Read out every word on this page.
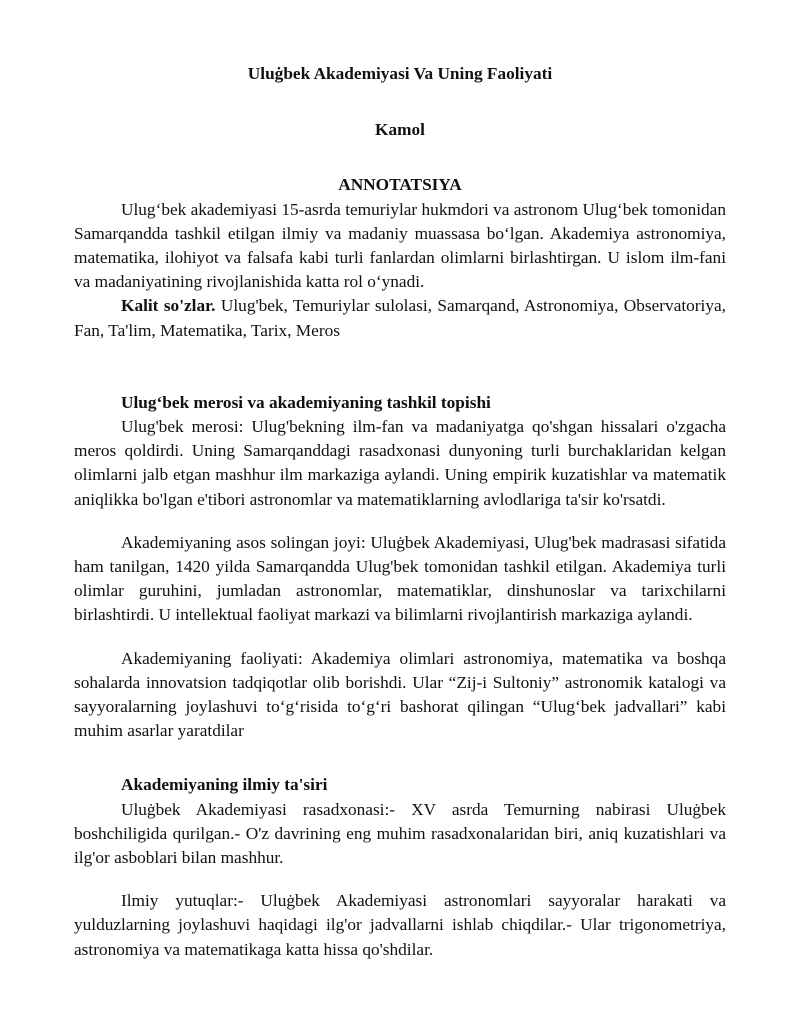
Uluġbek Akademiyasi Va Uning Faoliyati
Kamol
ANNOTATSIYA

Ulug‘bek akademiyasi 15-asrda temuriylar hukmdori va astronom Ulug‘bek tomonidan Samarqandda tashkil etilgan ilmiy va madaniy muassasa bo‘lgan. Akademiya astronomiya, matematika, ilohiyot va falsafa kabi turli fanlardan olimlarni birlashtirgan. U islom ilm-fani va madaniyatining rivojlanishida katta rol o‘ynadi.

Kalit so'zlar. Ulug'bek, Temuriylar sulolasi, Samarqand, Astronomiya, Observatoriya, Fan, Ta'lim, Matematika, Tarix, Meros

Ulug‘bek merosi va akademiyaning tashkil topishi

Ulug'bek merosi: Ulug'bekning ilm-fan va madaniyatga qo'shgan hissalari o'zgacha meros qoldirdi. Uning Samarqanddagi rasadxonasi dunyoning turli burchaklaridan kelgan olimlarni jalb etgan mashhur ilm markaziga aylandi. Uning empirik kuzatishlar va matematik aniqlikka bo'lgan e'tibori astronomlar va matematiklarning avlodlariga ta'sir ko'rsatdi.

Akademiyaning asos solingan joyi: Uluġbek Akademiyasi, Ulug'bek madrasasi sifatida ham tanilgan, 1420 yilda Samarqandda Ulug'bek tomonidan tashkil etilgan. Akademiya turli olimlar guruhini, jumladan astronomlar, matematiklar, dinshunoslar va tarixchilarni birlashtirdi. U intellektual faoliyat markazi va bilimlarni rivojlantirish markaziga aylandi.

Akademiyaning faoliyati: Akademiya olimlari astronomiya, matematika va boshqa sohalarda innovatsion tadqiqotlar olib borishdi. Ular “Zij-i Sultoniy” astronomik katalogi va sayyoralarning joylashuvi to‘g‘risida to‘g‘ri bashorat qilingan “Ulug‘bek jadvallari” kabi muhim asarlar yaratdilar

Akademiyaning ilmiy ta'siri

Uluġbek Akademiyasi rasadxonasi:- XV asrda Temurning nabirasi Uluġbek boshchiligida qurilgan.- O'z davrining eng muhim rasadxonalaridan biri, aniq kuzatishlari va ilg'or asboblari bilan mashhur.

Ilmiy yutuqlar:- Uluġbek Akademiyasi astronomlari sayyoralar harakati va yulduzlarning joylashuvi haqidagi ilg'or jadvallarni ishlab chiqdilar.- Ular trigonometriya, astronomiya va matematikaga katta hissa qo'shdilar.
